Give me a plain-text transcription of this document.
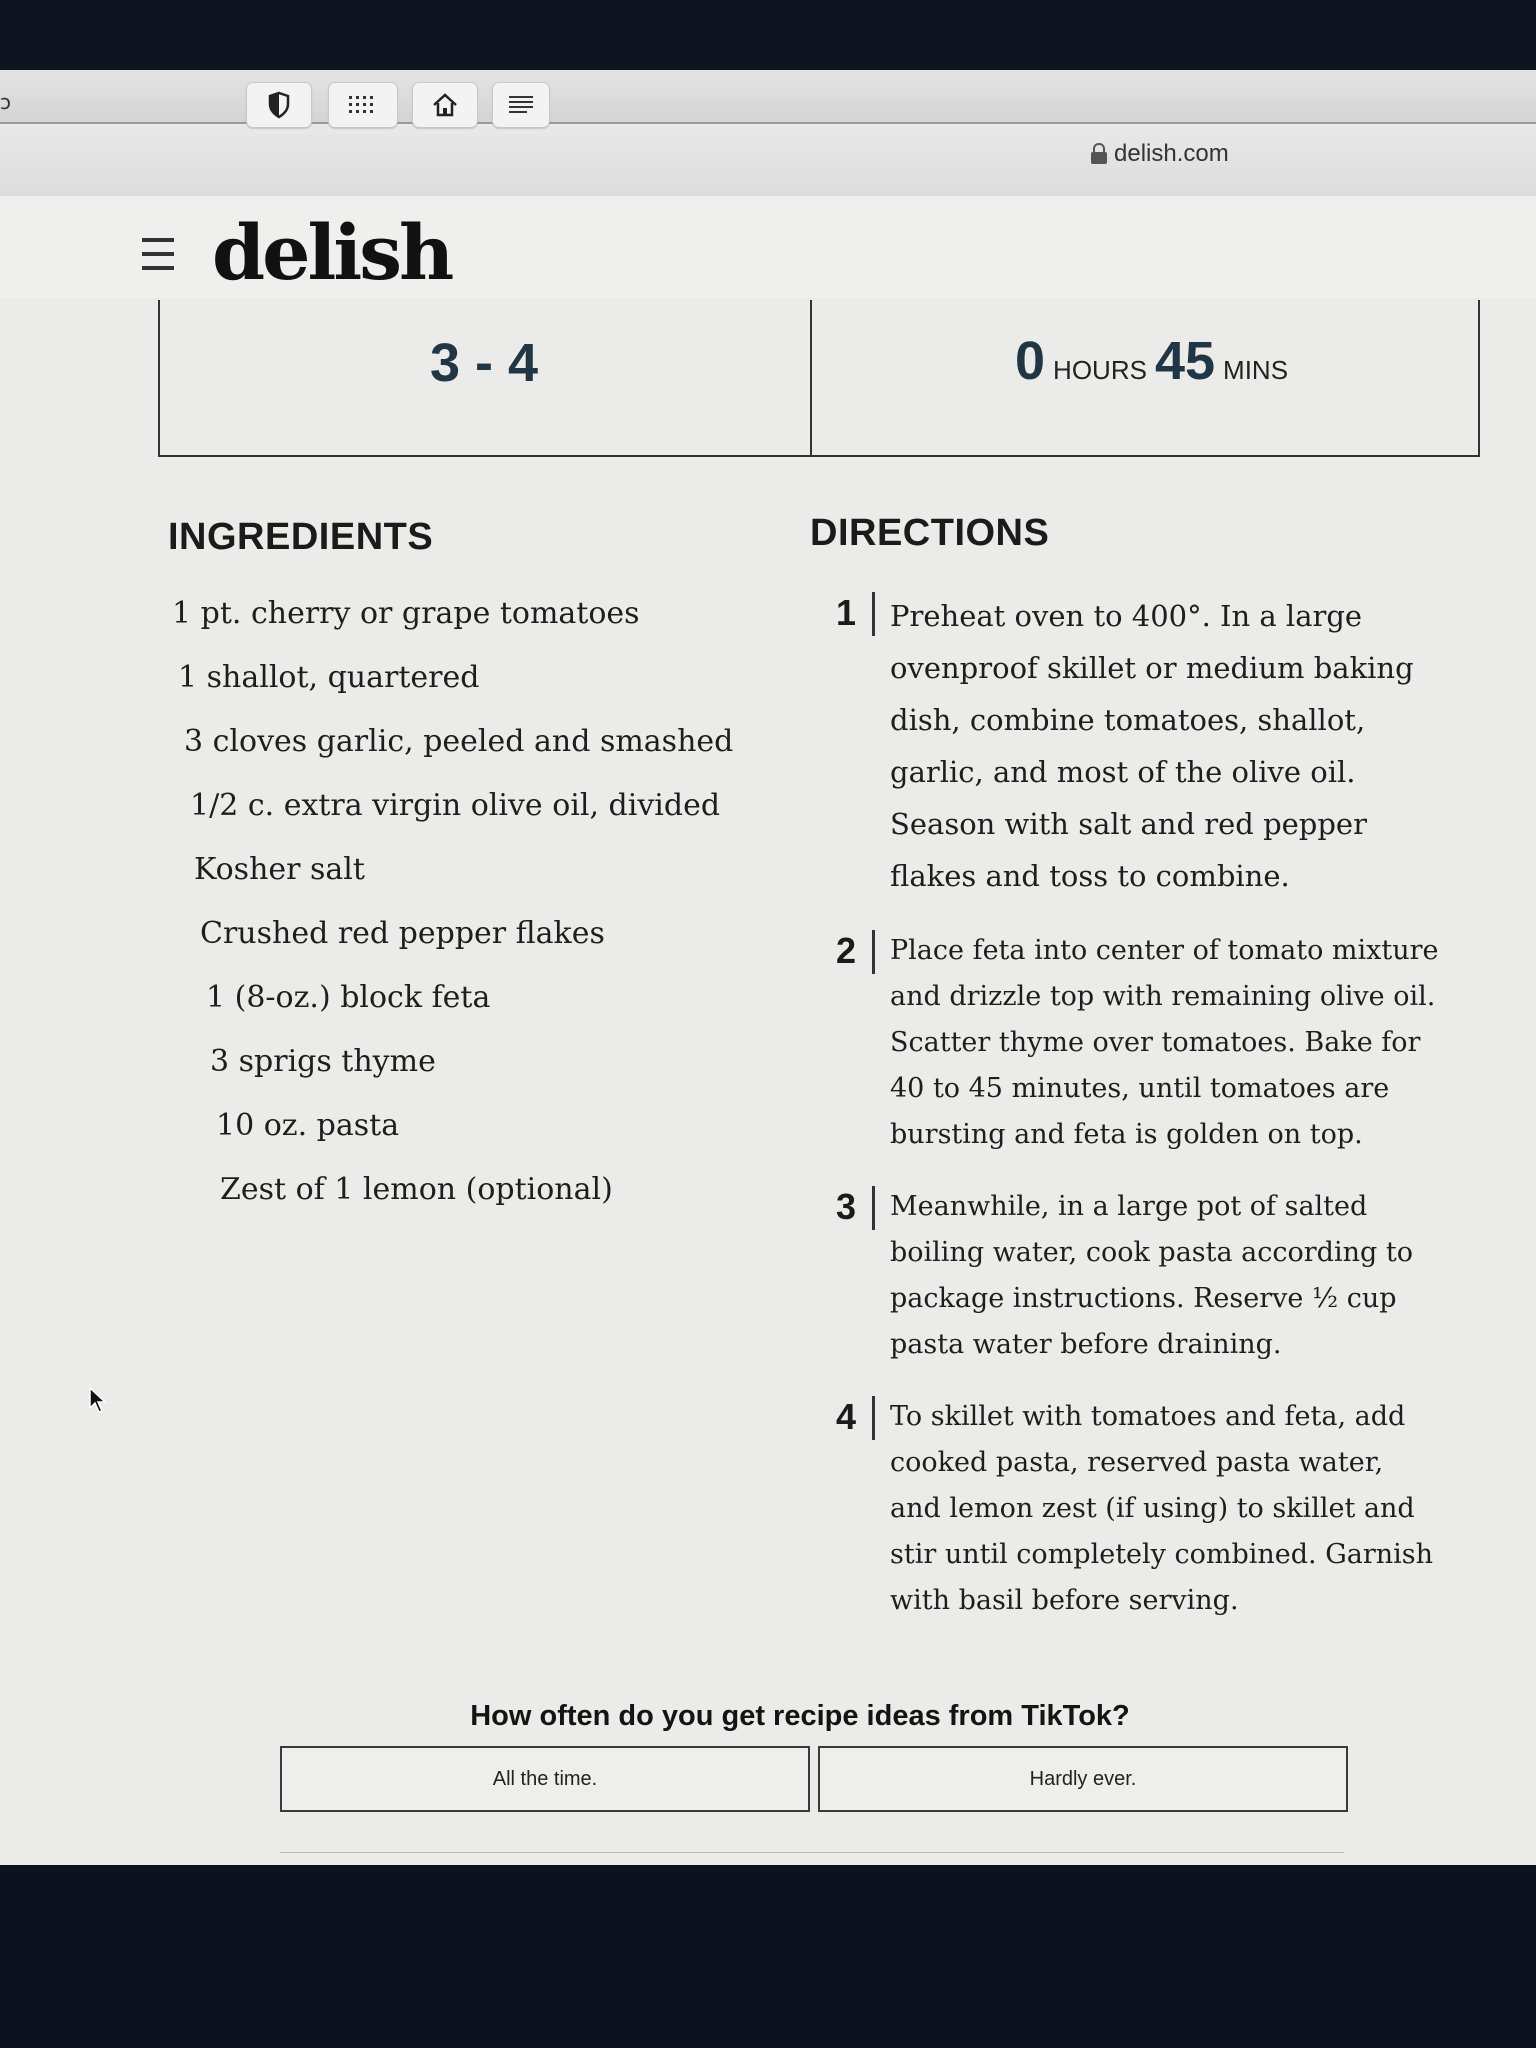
ɔ
delish.com
delish
3 - 4	0 HOURS 45 MINS
INGREDIENTS
1 pt. cherry or grape tomatoes
1 shallot, quartered
3 cloves garlic, peeled and smashed
1/2 c. extra virgin olive oil, divided
Kosher salt
Crushed red pepper flakes
1 (8-oz.) block feta
3 sprigs thyme
10 oz. pasta
Zest of 1 lemon (optional)
DIRECTIONS
1 Preheat oven to 400°. In a large ovenproof skillet or medium baking dish, combine tomatoes, shallot, garlic, and most of the olive oil. Season with salt and red pepper flakes and toss to combine.
2 Place feta into center of tomato mixture and drizzle top with remaining olive oil. Scatter thyme over tomatoes. Bake for 40 to 45 minutes, until tomatoes are bursting and feta is golden on top.
3 Meanwhile, in a large pot of salted boiling water, cook pasta according to package instructions. Reserve ½ cup pasta water before draining.
4 To skillet with tomatoes and feta, add cooked pasta, reserved pasta water, and lemon zest (if using) to skillet and stir until completely combined. Garnish with basil before serving.
How often do you get recipe ideas from TikTok?
All the time.	Hardly ever.
